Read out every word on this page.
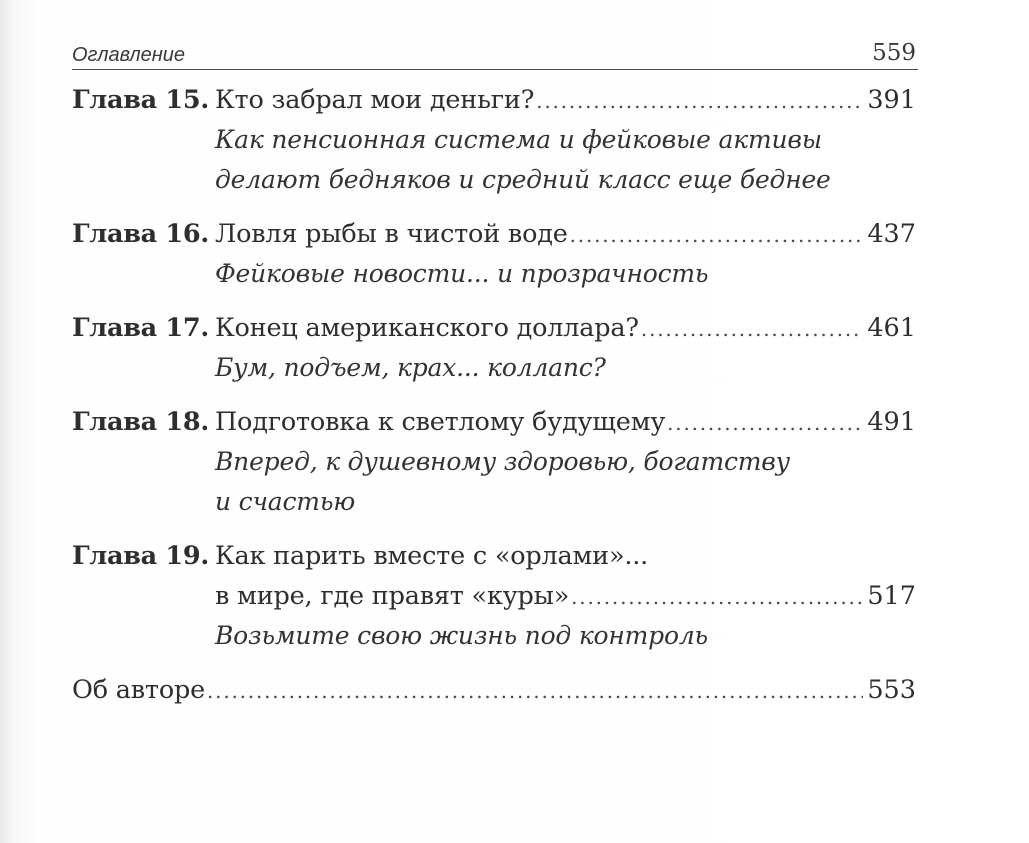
Оглавление	559
Глава 15. Кто забрал мои деньги? .....	391
Как пенсионная система и фейковые активы
делают бедняков и средний класс еще беднее
Глава 16. Ловля рыбы в чистой воде .....	437
Фейковые новости... и прозрачность
Глава 17. Конец американского доллара? .....	461
Бум, подъем, крах... коллапс?
Глава 18. Подготовка к светлому будущему .....	491
Вперед, к душевному здоровью, богатству
и счастью
Глава 19. Как парить вместе с «орлами»...
в мире, где правят «куры» .....	517
Возьмите свою жизнь под контроль
Об авторе .....	553
